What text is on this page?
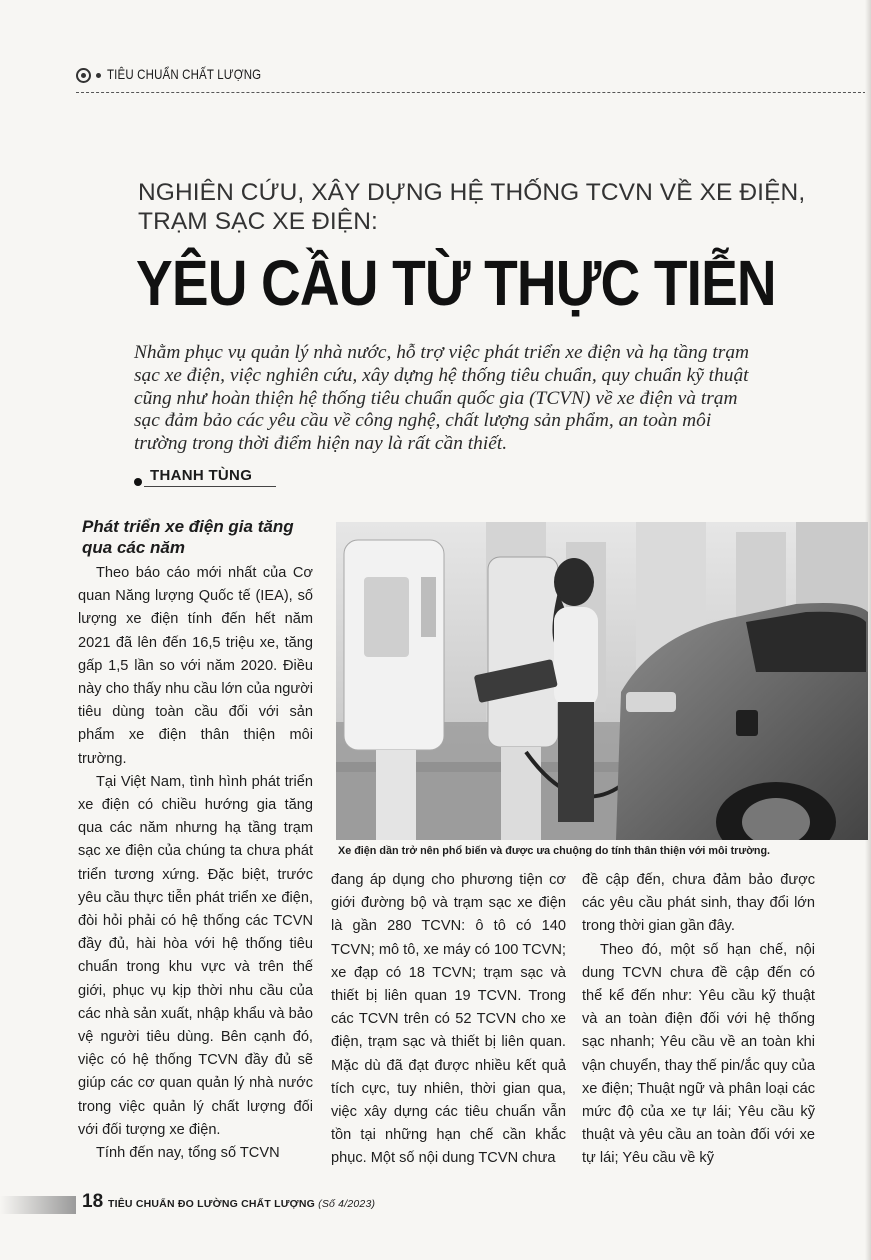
TIÊU CHUẨN CHẤT LƯỢNG
NGHIÊN CỨU, XÂY DỰNG HỆ THỐNG TCVN VỀ XE ĐIỆN, TRẠM SẠC XE ĐIỆN:
YÊU CẦU TỪ THỰC TIỄN

Nhằm phục vụ quản lý nhà nước, hỗ trợ việc phát triển xe điện và hạ tầng trạm sạc xe điện, việc nghiên cứu, xây dựng hệ thống tiêu chuẩn, quy chuẩn kỹ thuật cũng như hoàn thiện hệ thống tiêu chuẩn quốc gia (TCVN) về xe điện và trạm sạc đảm bảo các yêu cầu về công nghệ, chất lượng sản phẩm, an toàn môi trường trong thời điểm hiện nay là rất cần thiết.

THANH TÙNG
Xe điện dần trở nên phổ biến và được ưa chuộng do tính thân thiện với môi trường.
Phát triển xe điện gia tăng qua các năm

Theo báo cáo mới nhất của Cơ quan Năng lượng Quốc tế (IEA), số lượng xe điện tính đến hết năm 2021 đã lên đến 16,5 triệu xe, tăng gấp 1,5 lần so với năm 2020. Điều này cho thấy nhu cầu lớn của người tiêu dùng toàn cầu đối với sản phẩm xe điện thân thiện môi trường.

Tại Việt Nam, tình hình phát triển xe điện có chiều hướng gia tăng qua các năm nhưng hạ tầng trạm sạc xe điện của chúng ta chưa phát triển tương xứng. Đặc biệt, trước yêu cầu thực tiễn phát triển xe điện, đòi hỏi phải có hệ thống các TCVN đầy đủ, hài hòa với hệ thống tiêu chuẩn trong khu vực và trên thế giới, phục vụ kịp thời nhu cầu của các nhà sản xuất, nhập khẩu và bảo vệ người tiêu dùng. Bên cạnh đó, việc có hệ thống TCVN đầy đủ sẽ giúp các cơ quan quản lý nhà nước trong việc quản lý chất lượng đối với đối tượng xe điện.

Tính đến nay, tổng số TCVN

đang áp dụng cho phương tiện cơ giới đường bộ và trạm sạc xe điện là gần 280 TCVN: ô tô có 140 TCVN; mô tô, xe máy có 100 TCVN; xe đạp có 18 TCVN; trạm sạc và thiết bị liên quan 19 TCVN. Trong các TCVN trên có 52 TCVN cho xe điện, trạm sạc và thiết bị liên quan. Mặc dù đã đạt được nhiều kết quả tích cực, tuy nhiên, thời gian qua, việc xây dựng các tiêu chuẩn vẫn tồn tại những hạn chế cần khắc phục. Một số nội dung TCVN chưa

đề cập đến, chưa đảm bảo được các yêu cầu phát sinh, thay đổi lớn trong thời gian gần đây.

Theo đó, một số hạn chế, nội dung TCVN chưa đề cập đến có thể kể đến như: Yêu cầu kỹ thuật và an toàn điện đối với hệ thống sạc nhanh; Yêu cầu về an toàn khi vận chuyển, thay thế pin/ắc quy của xe điện; Thuật ngữ và phân loại các mức độ của xe tự lái; Yêu cầu kỹ thuật và yêu cầu an toàn đối với xe tự lái; Yêu cầu về kỹ

18 TIÊU CHUẨN ĐO LƯỜNG CHẤT LƯỢNG (Số 4/2023)
